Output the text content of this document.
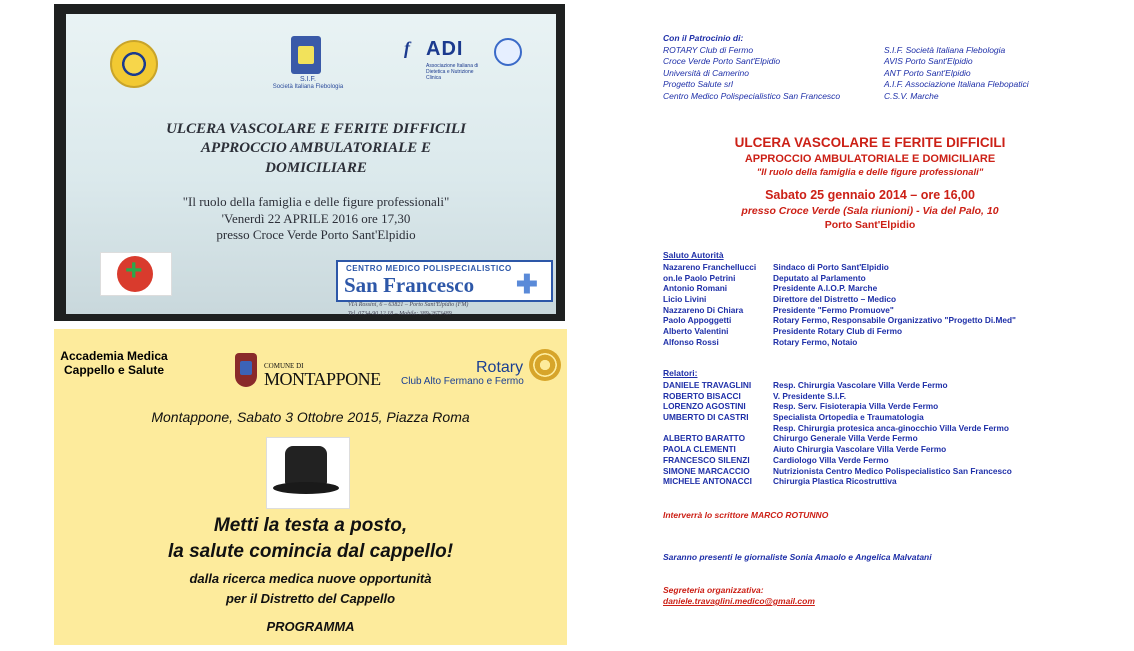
S.I.F.
Società Italiana Flebologia
f ADI
Associazione Italiana di Dietetica e Nutrizione Clinica
ULCERA VASCOLARE E FERITE DIFFICILI
APPROCCIO AMBULATORIALE E
DOMICILIARE
"Il ruolo della famiglia e delle figure professionali"
'Venerdì 22 APRILE 2016 ore 17,30
presso Croce Verde Porto Sant'Elpidio
+
CENTRO MEDICO POLISPECIALISTICO
San Francesco ✚
VIA Rossini, 6 – 63821 – Porto Sant'Elpidio (FM)
Tel. 0734-90.12.18 – Mobile: 389-2673489
Accademia Medica Cappello e Salute	COMUNE DI
MONTAPPONE
Rotary
Club Alto Fermano e Fermo
Montappone, Sabato 3 Ottobre 2015, Piazza Roma
Metti la testa a posto,
la salute comincia dal cappello!
dalla ricerca medica nuove opportunità
per il Distretto del Cappello
PROGRAMMA
Con il Patrocinio di:
ROTARY Club di Fermo
Croce Verde Porto Sant'Elpidio
Università di Camerino
Progetto Salute srl
Centro Medico Polispecialistico San Francesco
S.I.F. Società Italiana Flebologia
AVIS Porto Sant'Elpidio
ANT Porto Sant'Elpidio
A.I.F. Associazione Italiana Flebopatici
C.S.V. Marche
ULCERA VASCOLARE E FERITE DIFFICILI
APPROCCIO AMBULATORIALE E DOMICILIARE
"Il ruolo della famiglia e delle figure professionali"
Sabato 25 gennaio 2014 – ore 16,00
presso Croce Verde (Sala riunioni) - Via del Palo, 10
Porto Sant'Elpidio
Saluto Autorità
Nazareno Franchellucci Sindaco di Porto Sant'Elpidio
on.le Paolo Petrini	Deputato al Parlamento
Antonio Romani	Presidente A.I.O.P. Marche
Licio Livini	Direttore del Distretto – Medico
Nazzareno Di Chiara	Presidente "Fermo Promuove"
Paolo Appoggetti	Rotary Fermo, Responsabile Organizzativo "Progetto Di.Med"
Alberto Valentini	Presidente Rotary Club di Fermo
Alfonso Rossi	Rotary Fermo, Notaio
Relatori:
DANIELE TRAVAGLINI	Resp. Chirurgia Vascolare Villa Verde Fermo
ROBERTO BISACCI	V. Presidente S.I.F.
LORENZO AGOSTINI	Resp. Serv. Fisioterapia Villa Verde Fermo
UMBERTO DI CASTRI	Specialista Ortopedia e Traumatologia
Resp. Chirurgia protesica anca-ginocchio Villa Verde Fermo
ALBERTO BARATTO	Chirurgo Generale Villa Verde Fermo
PAOLA CLEMENTI	Aiuto Chirurgia Vascolare Villa Verde Fermo
FRANCESCO SILENZI	Cardiologo Villa Verde Fermo
SIMONE MARCACCIO	Nutrizionista Centro Medico Polispecialistico San Francesco
MICHELE ANTONACCI	Chirurgia Plastica Ricostruttiva
Interverrà lo scrittore MARCO ROTUNNO
Saranno presenti le giornaliste Sonia Amaolo e Angelica Malvatani
Segreteria organizzativa:
daniele.travaglini.medico@gmail.com
